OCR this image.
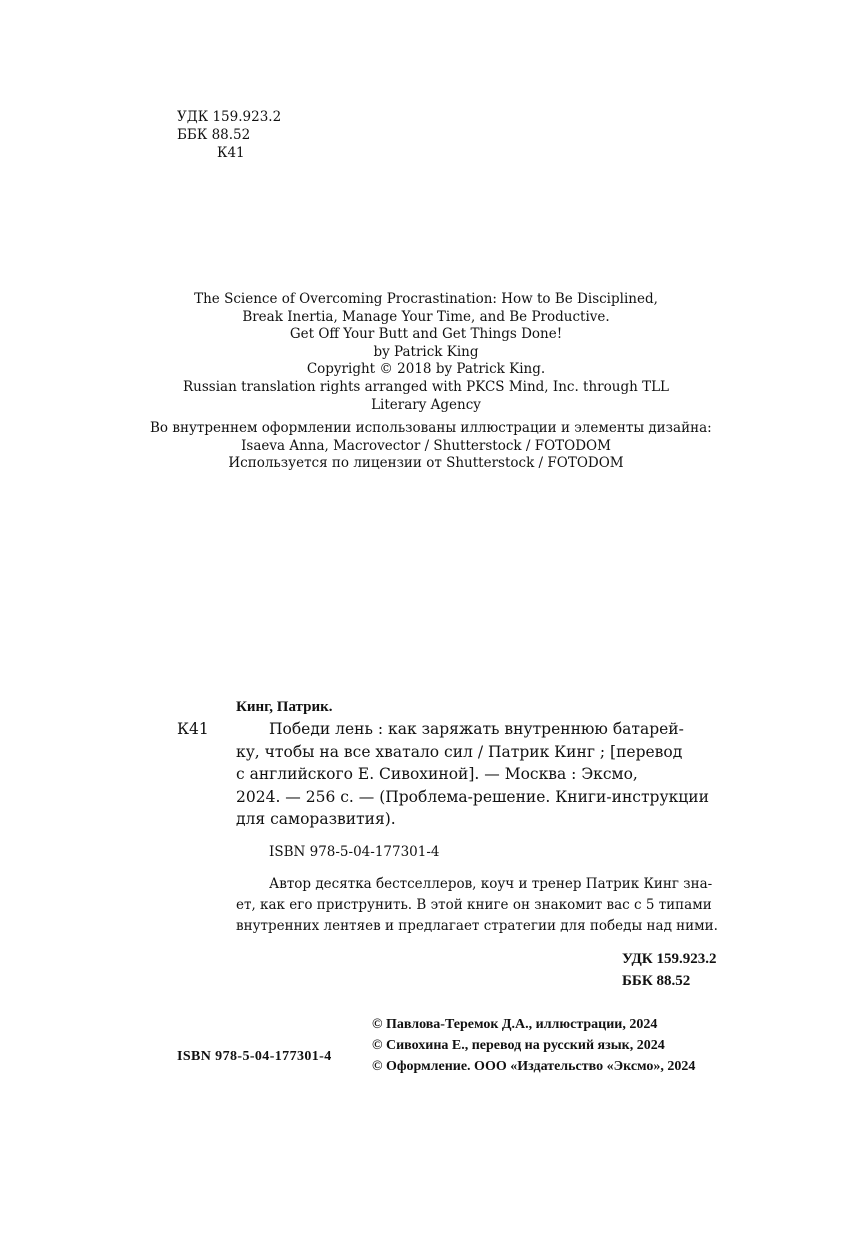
УДК 159.923.2
ББК 88.52
К41
The Science of Overcoming Procrastination: How to Be Disciplined,
Break Inertia, Manage Your Time, and Be Productive.
Get Off Your Butt and Get Things Done!
by Patrick King
Copyright © 2018 by Patrick King.
Russian translation rights arranged with PKCS Mind, Inc. through TLL
Literary Agency
Во внутреннем оформлении использованы иллюстрации и элементы дизайна:
Isaeva Anna, Macrovector / Shutterstock / FOTODOM
Используется по лицензии от Shutterstock / FOTODOM
Кинг, Патрик.
К41	Победи лень : как заряжать внутреннюю батарей-
ку, чтобы на все хватало сил / Патрик Кинг ; [перевод
с английского Е. Сивохиной]. — Москва : Эксмо,
2024. — 256 с. — (Проблема-решение. Книги-инструкции
для саморазвития).
ISBN 978-5-04-177301-4
Автор десятка бестселлеров, коуч и тренер Патрик Кинг зна-
ет, как его приструнить. В этой книге он знакомит вас с 5 типами
внутренних лентяев и предлагает стратегии для победы над ними.
УДК 159.923.2
ББК 88.52
ISBN 978-5-04-177301-4
© Павлова-Теремок Д.А., иллюстрации, 2024
© Сивохина Е., перевод на русский язык, 2024
© Оформление. ООО «Издательство «Эксмо», 2024
